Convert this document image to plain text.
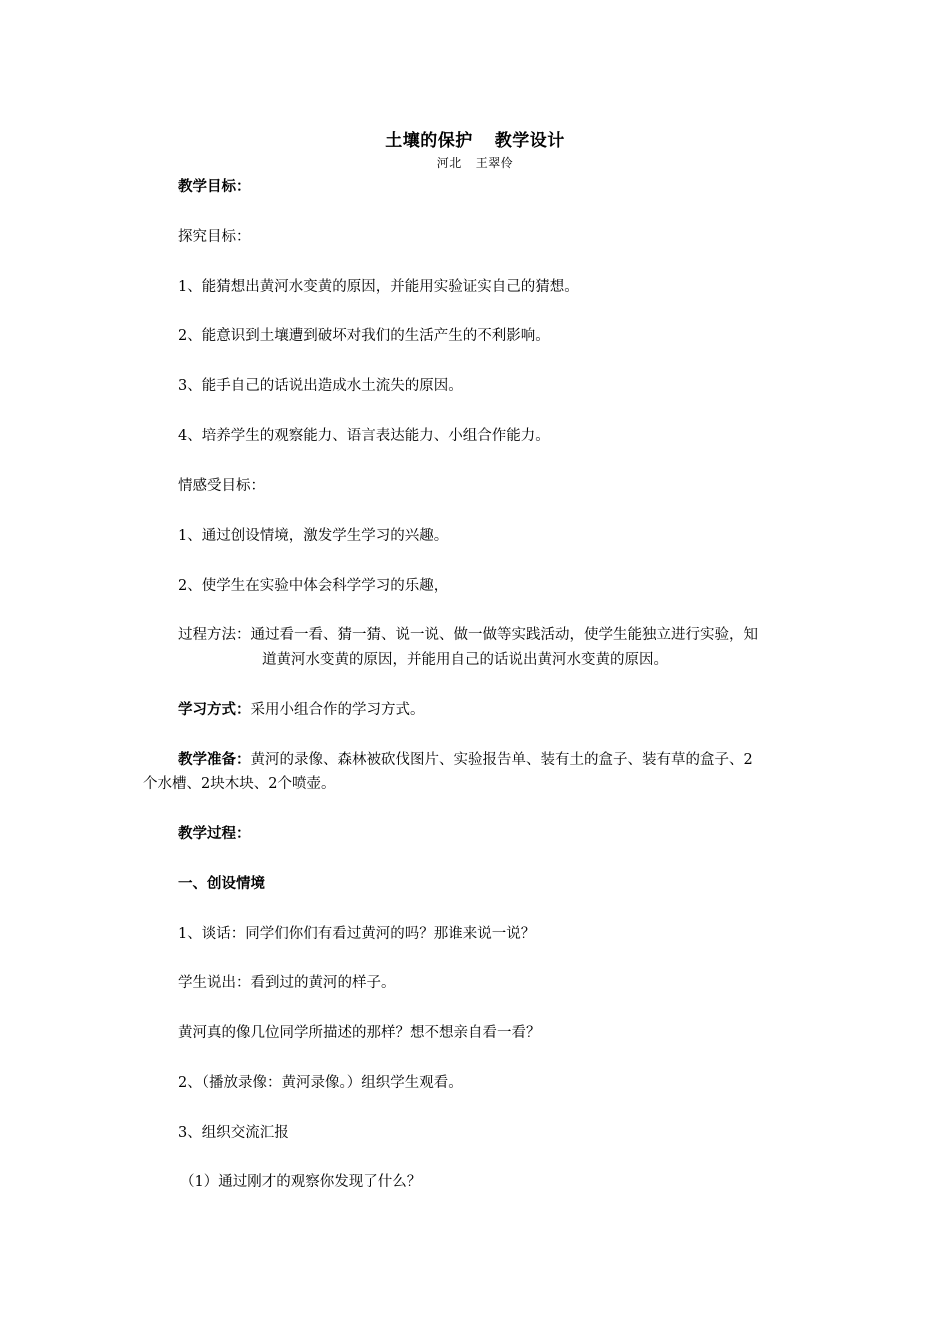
土壤的保护 教学设计
河北 王翠伶
教学目标：
探究目标：
1、能猜想出黄河水变黄的原因，并能用实验证实自己的猜想。
2、能意识到土壤遭到破坏对我们的生活产生的不利影响。
3、能手自己的话说出造成水土流失的原因。
4、培养学生的观察能力、语言表达能力、小组合作能力。
情感受目标：
1、通过创设情境，激发学生学习的兴趣。
2、使学生在实验中体会科学学习的乐趣，
过程方法：通过看一看、猜一猜、说一说、做一做等实践活动，使学生能独立进行实验，知
道黄河水变黄的原因，并能用自己的话说出黄河水变黄的原因。
学习方式：采用小组合作的学习方式。
教学准备：黄河的录像、森林被砍伐图片、实验报告单、装有土的盒子、装有草的盒子、2
个水槽、2块木块、2个喷壶。
教学过程：
一、创设情境
1、谈话：同学们你们有看过黄河的吗？那谁来说一说？
学生说出：看到过的黄河的样子。
黄河真的像几位同学所描述的那样？想不想亲自看一看？
2、（播放录像：黄河录像。）组织学生观看。
3、组织交流汇报
（1）通过刚才的观察你发现了什么？
